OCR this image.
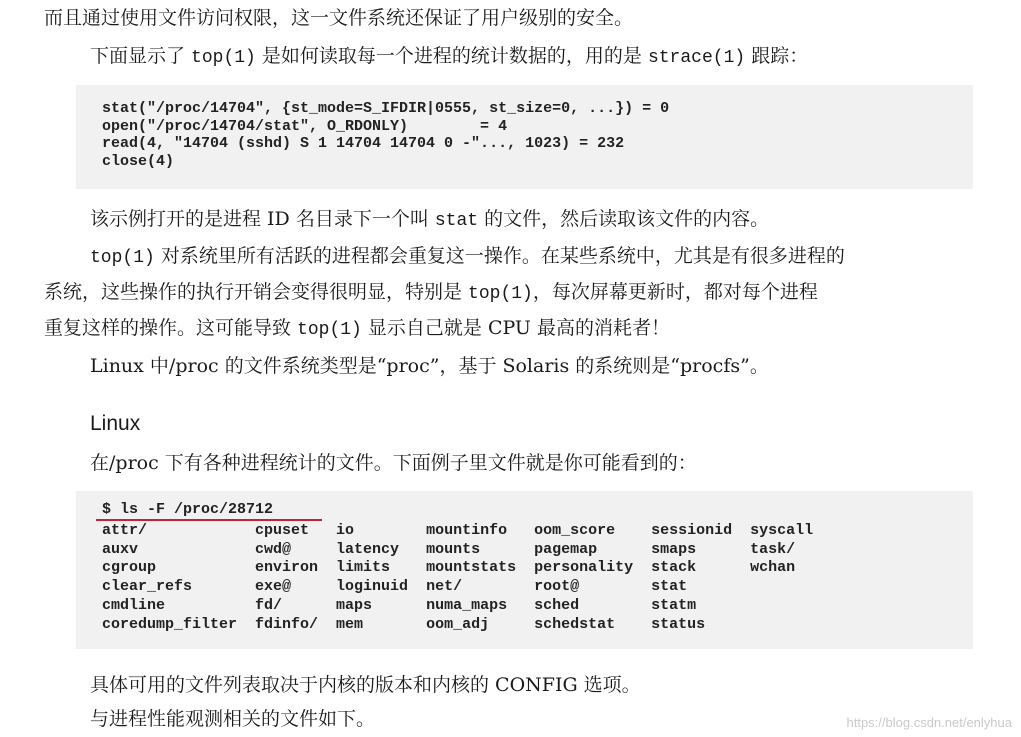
而且通过使用文件访问权限，这一文件系统还保证了用户级别的安全。
下面显示了 top(1) 是如何读取每一个进程的统计数据的，用的是 strace(1) 跟踪：
stat("/proc/14704", {st_mode=S_IFDIR|0555, st_size=0, ...}) = 0
open("/proc/14704/stat", O_RDONLY)        = 4
read(4, "14704 (sshd) S 1 14704 14704 0 -"..., 1023) = 232
close(4)
该示例打开的是进程 ID 名目录下一个叫 stat 的文件，然后读取该文件的内容。
top(1) 对系统里所有活跃的进程都会重复这一操作。在某些系统中，尤其是有很多进程的
系统，这些操作的执行开销会变得很明显，特别是 top(1)，每次屏幕更新时，都对每个进程
重复这样的操作。这可能导致 top(1) 显示自己就是 CPU 最高的消耗者！
Linux 中/proc 的文件系统类型是“proc”，基于 Solaris 的系统则是“procfs”。
Linux
在/proc 下有各种进程统计的文件。下面例子里文件就是你可能看到的：
$ ls -F /proc/28712
attr/	cpuset	io	mountinfo	oom_score	sessionid	syscall
auxv	cwd@	latency	mounts	pagemap	smaps	task/
cgroup	environ	limits	mountstats	personality	stack	wchan
clear_refs	exe@	loginuid	net/	root@	stat	
cmdline	fd/	maps	numa_maps	sched	statm	
coredump_filter	fdinfo/	mem	oom_adj	schedstat	status	
具体可用的文件列表取决于内核的版本和内核的 CONFIG 选项。
与进程性能观测相关的文件如下。	https://blog.csdn.net/enlyhua
